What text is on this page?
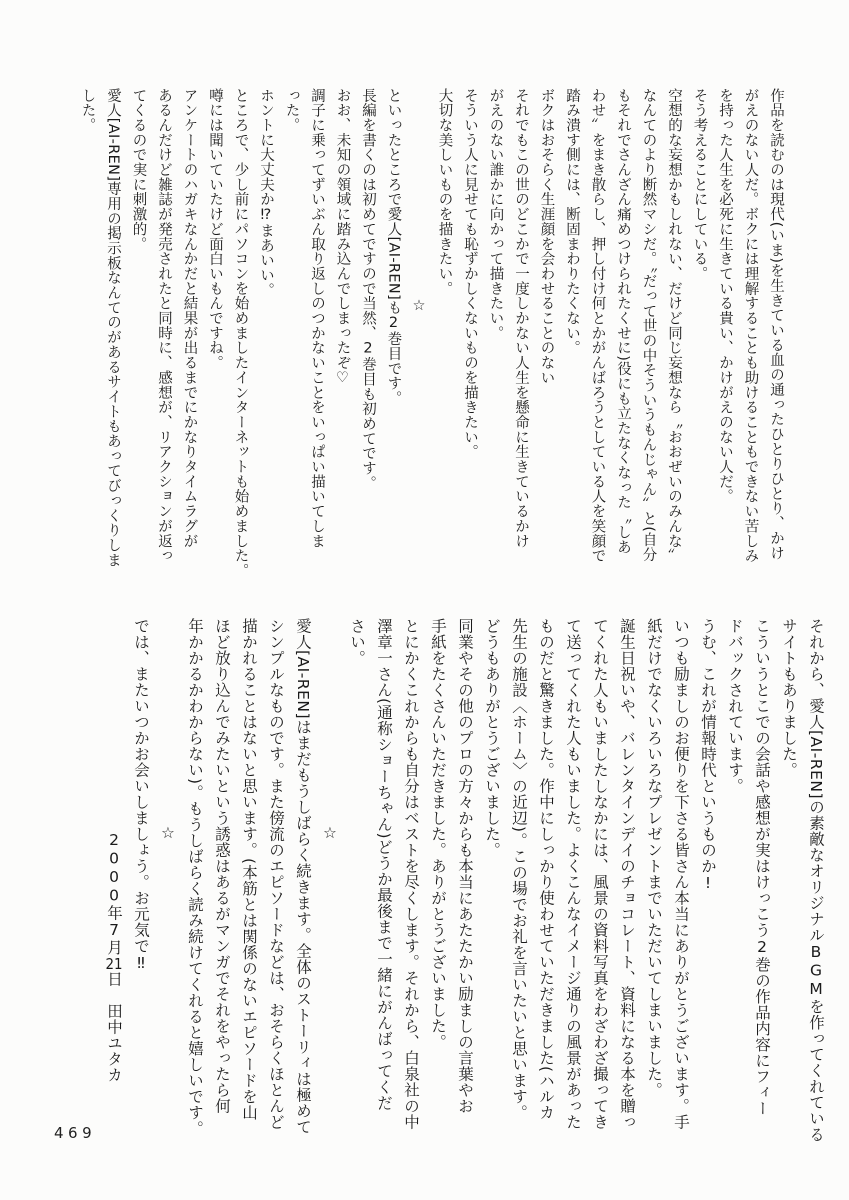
作品を読むのは現代(いま)を生きている血の通ったひとりひとり、かけ
がえのない人だ。ボクには理解することも助けることもできない苦しみ
を持った人生を必死に生きている貴い、かけがえのない人だ。
そう考えることにしている。
空想的な妄想かもしれない、だけど同じ妄想なら〝おおぜいのみんな〟
なんてのより断然マシだ。〝だって世の中そういうもんじゃん〟と(自分
もそれでさんざん痛めつけられたくせに)役にも立たなくなった〝しあ
わせ〟をまき散らし、押し付け何とかがんばろうとしている人を笑顔で
踏み潰す側には、断固まわりたくない。
ボクはおそらく生涯顔を会わせることのない
それでもこの世のどこかで一度しかない人生を懸命に生きているかけ
がえのない誰かに向かって描きたい。
そういう人に見せても恥ずかしくないものを描きたい。
大切な美しいものを描きたい。
☆
といったところで愛人[AI-REN]も2巻目です。
長編を書くのは初めてですので当然、2巻目も初めてです。
おお、未知の領域に踏み込んでしまったぞ♡
調子に乗ってずいぶん取り返しのつかないことをいっぱい描いてしま
った。
ホントに大丈夫か⁉まあいい。
ところで、少し前にパソコンを始めましたインターネットも始めました。
噂には聞いていたけど面白いもんですね。
アンケートのハガキなんかだと結果が出るまでにかなりタイムラグが
あるんだけど雑誌が発売されたと同時に、感想が、リアクションが返っ
てくるので実に刺激的。
愛人[AI-REN]専用の掲示板なんてのがあるサイトもあってびっくりしま
した。
それから、愛人[AI-REN]の素敵なオリジナルBGMを作ってくれている
サイトもありました。
こういうとこでの会話や感想が実はけっこう2巻の作品内容にフィー
ドバックされています。
うむ、これが情報時代というものか!
いつも励ましのお便りを下さる皆さん本当にありがとうございます。手
紙だけでなくいろいろなプレゼントまでいただいてしまいました。
誕生日祝いや、バレンタインデイのチョコレート、資料になる本を贈っ
てくれた人もいましたしなかには、風景の資料写真をわざわざ撮ってき
て送ってくれた人もいました。よくこんなイメージ通りの風景があった
ものだと驚きました。作中にしっかり使わせていただきました(ハルカ
先生の施設〈ホーム〉の近辺)。この場でお礼を言いたいと思います。
どうもありがとうございました。
同業やその他のプロの方々からも本当にあたたかい励ましの言葉やお
手紙をたくさんいただきました。ありがとうございました。
とにかくこれからも自分はベストを尽くします。それから、白泉社の中
澤章一さん(通称ショーちゃん)どうか最後まで一緒にがんばってくだ
さい。
☆
愛人[AI-REN]はまだもうしばらく続きます。全体のストーリィは極めて
シンプルなものです。また傍流のエピソードなどは、おそらくほとんど
描かれることはないと思います。(本筋とは関係のないエピソードを山
ほど放り込んでみたいという誘惑はあるがマンガでそれをやったら何
年かかるかわからない)。もうしばらく読み続けてくれると嬉しいです。
☆
では、またいつかお会いしましょう。お元気で‼
2000年7月21日　田中ユタカ
469
